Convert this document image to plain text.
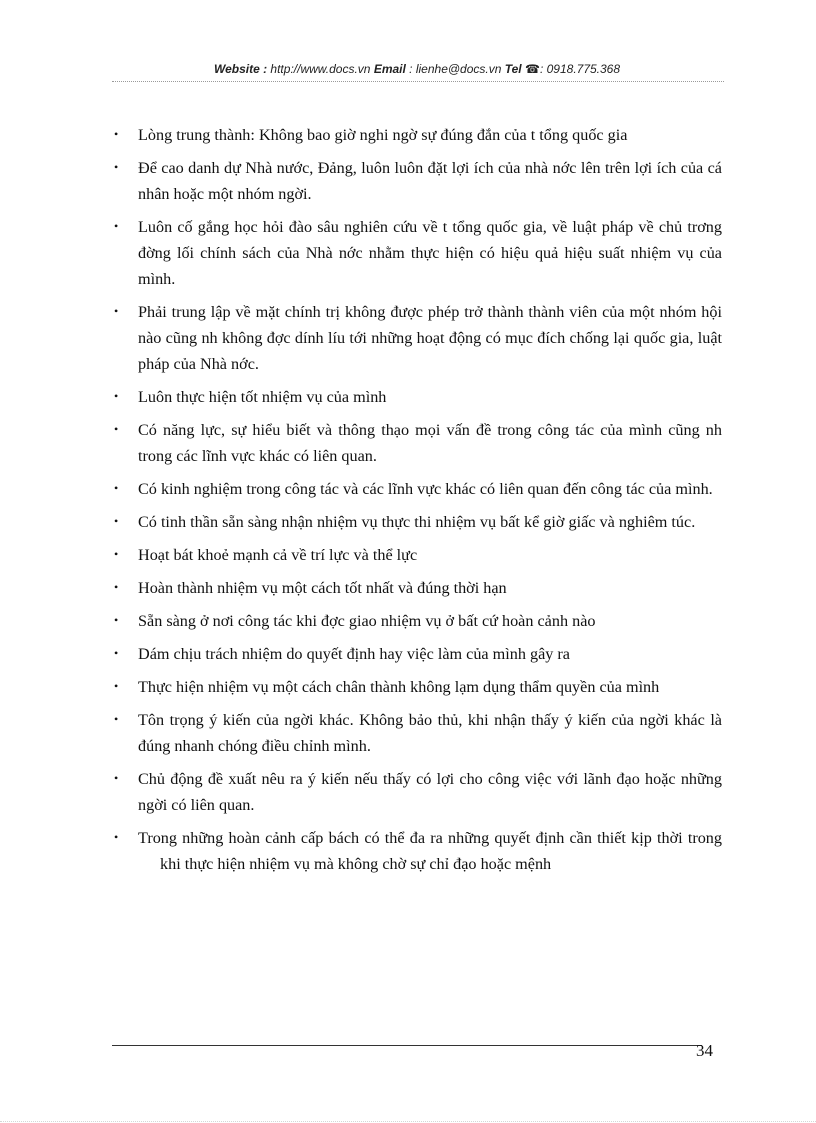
Website : http://www.docs.vn Email : lienhe@docs.vn Tel ☎: 0918.775.368
• Lòng trung thành: Không bao giờ nghi ngờ sự đúng đắn của t tổng quốc gia
• Để cao danh dự Nhà nước, Đảng, luôn luôn đặt lợi ích của nhà nớc lên trên lợi ích của cá nhân hoặc một nhóm ngời.
• Luôn cố gắng học hỏi đào sâu nghiên cứu về t tổng quốc gia, về luật pháp về chủ trơng đờng lối chính sách của Nhà nớc nhằm thực hiện có hiệu quả hiệu suất nhiệm vụ của mình.
• Phải trung lập về mặt chính trị không được phép trở thành thành viên của một nhóm hội nào cũng nh không đợc dính líu tới những hoạt động có mục đích chống lại quốc gia, luật pháp của Nhà nớc.
• Luôn thực hiện tốt nhiệm vụ của mình
• Có năng lực, sự hiểu biết và thông thạo mọi vấn đề trong công tác của mình cũng nh trong các lĩnh vực khác có liên quan.
• Có kinh nghiệm trong công tác và các lĩnh vực khác có liên quan đến công tác của mình.
• Có tinh thần sẵn sàng nhận nhiệm vụ thực thi nhiệm vụ bất kể giờ giấc và nghiêm túc.
• Hoạt bát khoẻ mạnh cả về trí lực và thể lực
• Hoàn thành nhiệm vụ một cách tốt nhất và đúng thời hạn
• Sẵn sàng ở nơi công tác khi đợc giao nhiệm vụ ở bất cứ hoàn cảnh nào
• Dám chịu trách nhiệm do quyết định hay việc làm của mình gây ra
• Thực hiện nhiệm vụ một cách chân thành không lạm dụng thẩm quyền của mình
• Tôn trọng ý kiến của ngời khác. Không bảo thủ, khi nhận thấy ý kiến của ngời khác là đúng nhanh chóng điều chỉnh mình.
• Chủ động đề xuất nêu ra ý kiến nếu thấy có lợi cho công việc với lãnh đạo hoặc những ngời có liên quan.
• Trong những hoàn cảnh cấp bách có thể đa ra những quyết định cần thiết kịp thời trong khi thực hiện nhiệm vụ mà không chờ sự chỉ đạo hoặc mệnh
34
